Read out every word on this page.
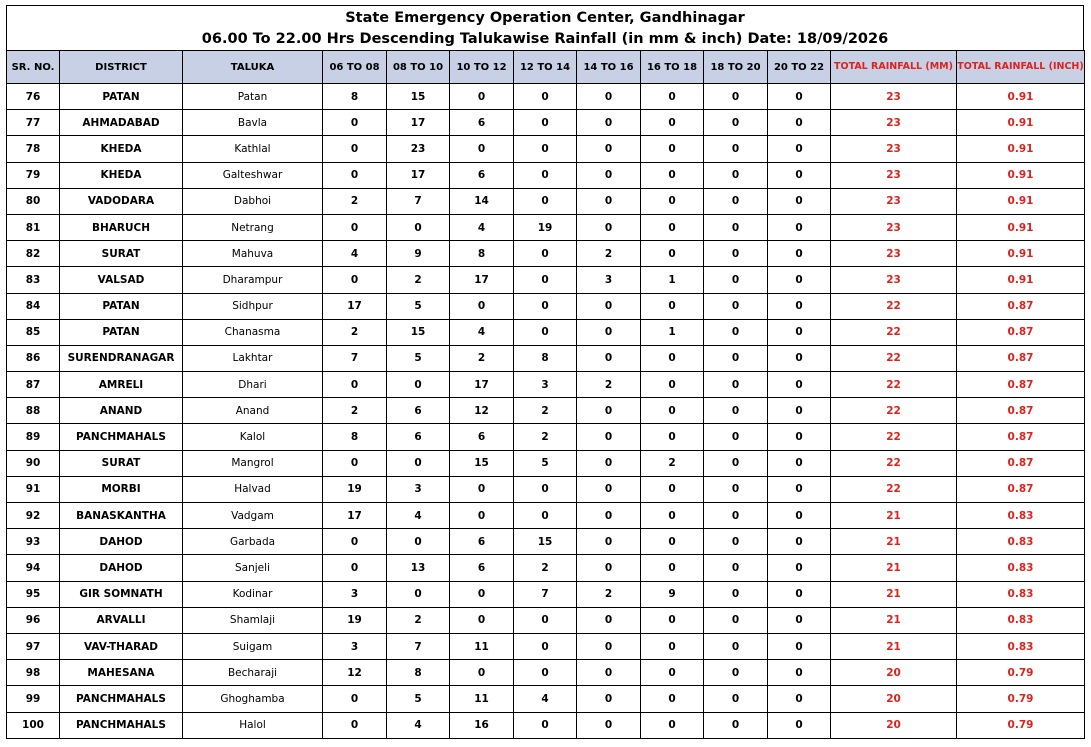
State Emergency Operation Center, Gandhinagar
06.00 To 22.00 Hrs Descending Talukawise Rainfall (in mm & inch) Date: 18/09/2026
SR. NO.	DISTRICT	TALUKA	06 TO 08	08 TO 10	10 TO 12	12 TO 14	14 TO 16	16 TO 18	18 TO 20	20 TO 22	TOTAL RAINFALL (MM)	TOTAL RAINFALL (INCH)
76	PATAN	Patan	8	15	0	0	0	0	0	0	23	0.91
77	AHMADABAD	Bavla	0	17	6	0	0	0	0	0	23	0.91
78	KHEDA	Kathlal	0	23	0	0	0	0	0	0	23	0.91
79	KHEDA	Galteshwar	0	17	6	0	0	0	0	0	23	0.91
80	VADODARA	Dabhoi	2	7	14	0	0	0	0	0	23	0.91
81	BHARUCH	Netrang	0	0	4	19	0	0	0	0	23	0.91
82	SURAT	Mahuva	4	9	8	0	2	0	0	0	23	0.91
83	VALSAD	Dharampur	0	2	17	0	3	1	0	0	23	0.91
84	PATAN	Sidhpur	17	5	0	0	0	0	0	0	22	0.87
85	PATAN	Chanasma	2	15	4	0	0	1	0	0	22	0.87
86	SURENDRANAGAR	Lakhtar	7	5	2	8	0	0	0	0	22	0.87
87	AMRELI	Dhari	0	0	17	3	2	0	0	0	22	0.87
88	ANAND	Anand	2	6	12	2	0	0	0	0	22	0.87
89	PANCHMAHALS	Kalol	8	6	6	2	0	0	0	0	22	0.87
90	SURAT	Mangrol	0	0	15	5	0	2	0	0	22	0.87
91	MORBI	Halvad	19	3	0	0	0	0	0	0	22	0.87
92	BANASKANTHA	Vadgam	17	4	0	0	0	0	0	0	21	0.83
93	DAHOD	Garbada	0	0	6	15	0	0	0	0	21	0.83
94	DAHOD	Sanjeli	0	13	6	2	0	0	0	0	21	0.83
95	GIR SOMNATH	Kodinar	3	0	0	7	2	9	0	0	21	0.83
96	ARVALLI	Shamlaji	19	2	0	0	0	0	0	0	21	0.83
97	VAV-THARAD	Suigam	3	7	11	0	0	0	0	0	21	0.83
98	MAHESANA	Becharaji	12	8	0	0	0	0	0	0	20	0.79
99	PANCHMAHALS	Ghoghamba	0	5	11	4	0	0	0	0	20	0.79
100	PANCHMAHALS	Halol	0	4	16	0	0	0	0	0	20	0.79
